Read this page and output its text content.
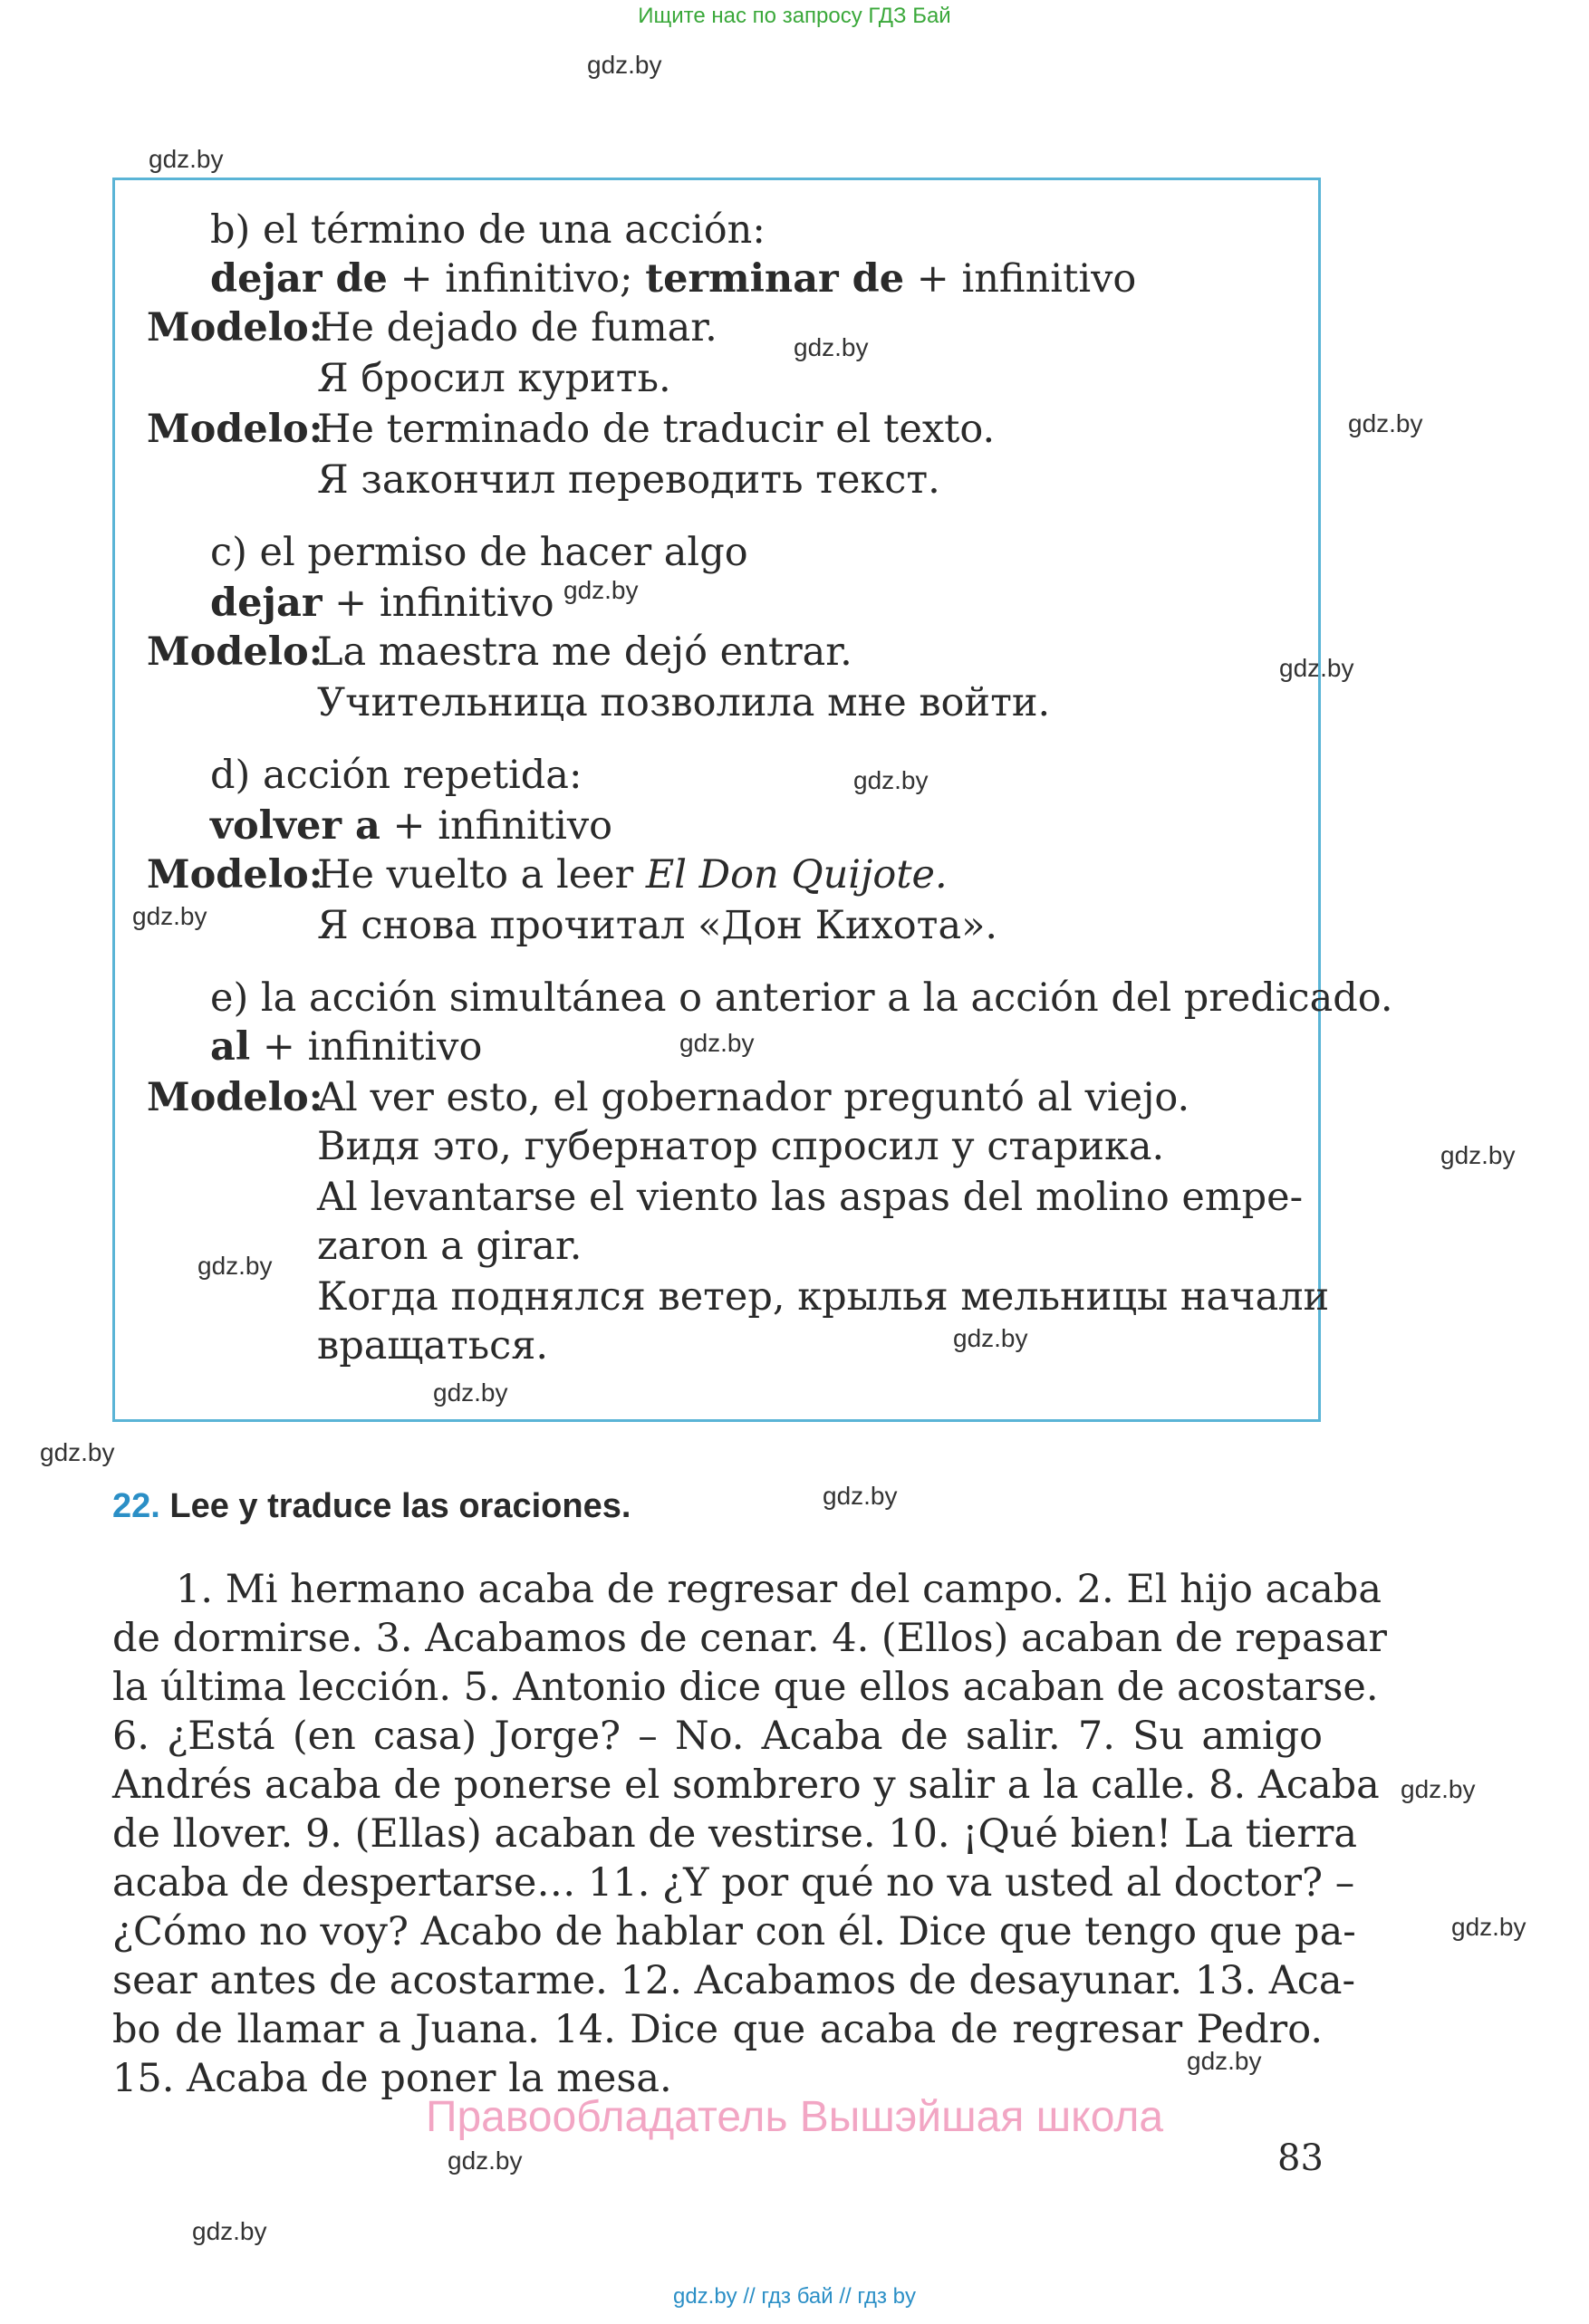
Ищите нас по запросу ГДЗ Бай
gdz.by
gdz.by
gdz.by
gdz.by
gdz.by
gdz.by
gdz.by
gdz.by
gdz.by
gdz.by
gdz.by
gdz.by
gdz.by
gdz.by
gdz.by
gdz.by
gdz.by
gdz.by
gdz.by
gdz.by
b) el término de una acción:
dejar de + infinitivo; terminar de + infinitivo
Modelo:
He dejado de fumar.
Я бросил курить.
Modelo:
He terminado de traducir el texto.
Я закончил переводить текст.
c) el permiso de hacer algo
dejar + infinitivo
Modelo:
La maestra me dejó entrar.
Учительница позволила мне войти.
d) acción repetida:
volver a + infinitivo
Modelo:
He vuelto a leer El Don Quijote.
Я снова прочитал «Дон Кихота».
e) la acción simultánea o anterior a la acción del predicado.
al + infinitivo
Modelo:
Al ver esto, el gobernador preguntó al viejo.
Видя это, губернатор спросил у старика.
Al levantarse el viento las aspas del molino empe-
zaron a girar.
Когда поднялся ветер, крылья мельницы начали
вращаться.
22. Lee y traduce las oraciones.
1. Mi hermano acaba de regresar del campo. 2. El hijo acaba
de dormirse. 3. Acabamos de cenar. 4. (Ellos) acaban de repasar
la última lección. 5. Antonio dice que ellos acaban de acostarse.
6. ¿Está (en casa) Jorge? – No. Acaba de salir. 7. Su amigo
Andrés acaba de ponerse el sombrero y salir a la calle. 8. Acaba
de llover. 9. (Ellas) acaban de vestirse. 10. ¡Qué bien! La tierra
acaba de despertarse… 11. ¿Y por qué no va usted al doctor? –
¿Cómo no voy? Acabo de hablar con él. Dice que tengo que pa-
sear antes de acostarme. 12. Acabamos de desayunar. 13. Aca-
bo de llamar a Juana. 14. Dice que acaba de regresar Pedro.
15. Acaba de poner la mesa.
Правообладатель Вышэйшая школа
83
gdz.by // гдз бай // гдз by
